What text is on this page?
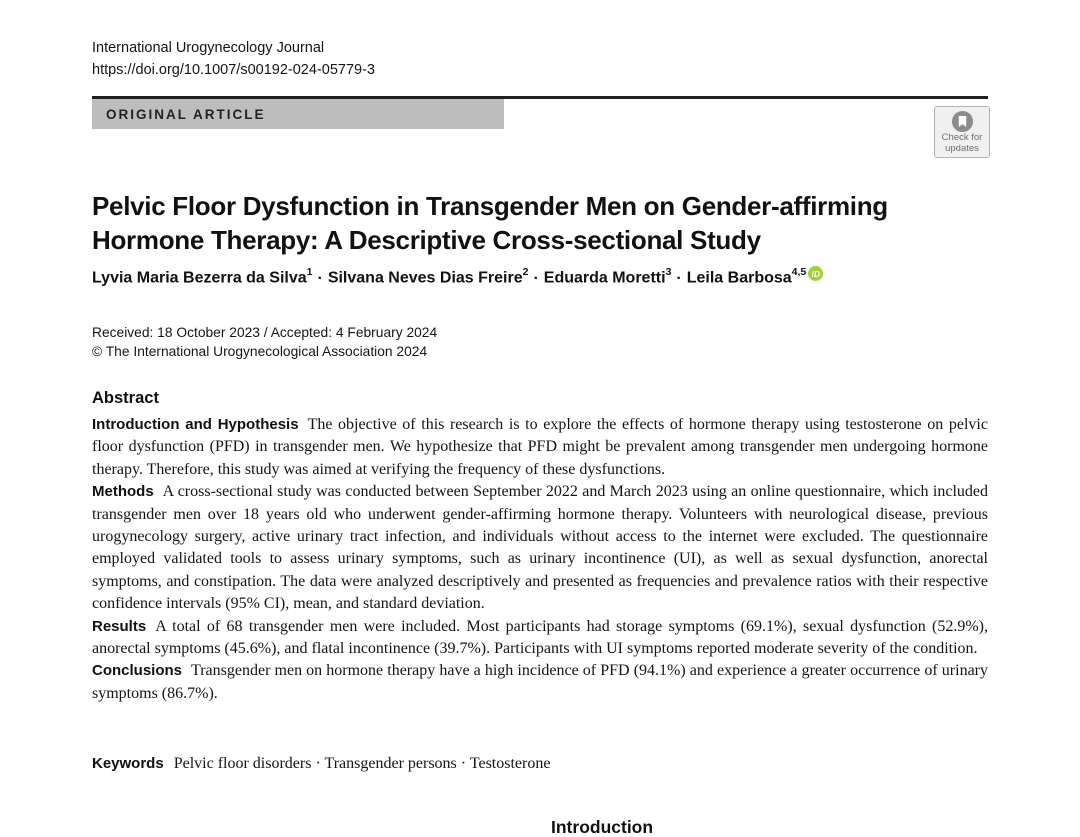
International Urogynecology Journal
https://doi.org/10.1007/s00192-024-05779-3
ORIGINAL ARTICLE
Check for
updates
Pelvic Floor Dysfunction in Transgender Men on Gender-affirming Hormone Therapy: A Descriptive Cross-sectional Study
Lyvia Maria Bezerra da Silva$^1$ · Silvana Neves Dias Freire$^2$ · Eduarda Moretti$^3$ · Leila Barbosa$^{4,5}$ iD
Received: 18 October 2023 / Accepted: 4 February 2024
© The International Urogynecological Association 2024
Abstract

Introduction and Hypothesis The objective of this research is to explore the effects of hormone therapy using testosterone on pelvic floor dysfunction (PFD) in transgender men. We hypothesize that PFD might be prevalent among transgender men undergoing hormone therapy. Therefore, this study was aimed at verifying the frequency of these dysfunctions.

Methods A cross-sectional study was conducted between September 2022 and March 2023 using an online questionnaire, which included transgender men over 18 years old who underwent gender-affirming hormone therapy. Volunteers with neurological disease, previous urogynecology surgery, active urinary tract infection, and individuals without access to the internet were excluded. The questionnaire employed validated tools to assess urinary symptoms, such as urinary incontinence (UI), as well as sexual dysfunction, anorectal symptoms, and constipation. The data were analyzed descriptively and presented as frequencies and prevalence ratios with their respective confidence intervals (95% CI), mean, and standard deviation.

Results A total of 68 transgender men were included. Most participants had storage symptoms (69.1%), sexual dysfunction (52.9%), anorectal symptoms (45.6%), and flatal incontinence (39.7%). Participants with UI symptoms reported moderate severity of the condition.

Conclusions Transgender men on hormone therapy have a high incidence of PFD (94.1%) and experience a greater occurrence of urinary symptoms (86.7%).

Keywords Pelvic floor disorders · Transgender persons · Testosterone
Introduction
